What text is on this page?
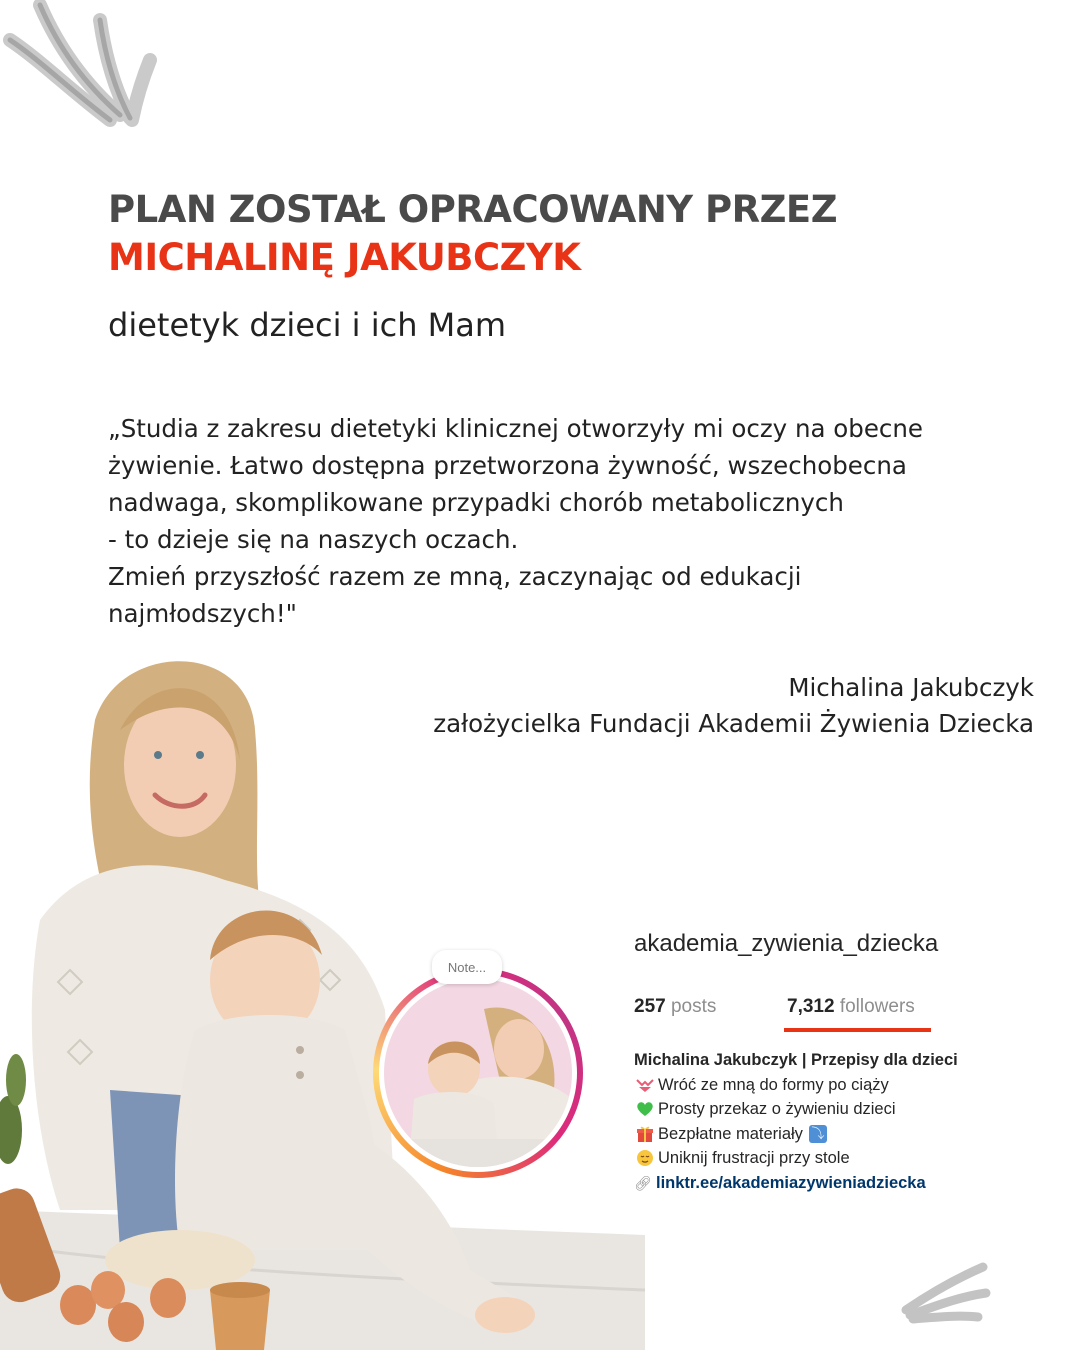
PLAN ZOSTAŁ OPRACOWANY PRZEZ
MICHALINĘ JAKUBCZYK
dietetyk dzieci i ich Mam
„Studia z zakresu dietetyki klinicznej otworzyły mi oczy na obecne
żywienie. Łatwo dostępna przetworzona żywność, wszechobecna
nadwaga, skomplikowane przypadki chorób metabolicznych
- to dzieje się na naszych oczach.
Zmień przyszłość razem ze mną, zaczynając od edukacji
najmłodszych!"
Michalina Jakubczyk
założycielka Fundacji Akademii Żywienia Dziecka
Note...
akademia_zywienia_dziecka
257 posts	7,312 followers
Michalina Jakubczyk | Przepisy dla dzieci
Wróć ze mną do formy po ciąży
Prosty przekaz o żywieniu dzieci
Bezpłatne materiały ⤵
Uniknij frustracji przy stole
🔗︎ linktr.ee/akademiazywieniadziecka
